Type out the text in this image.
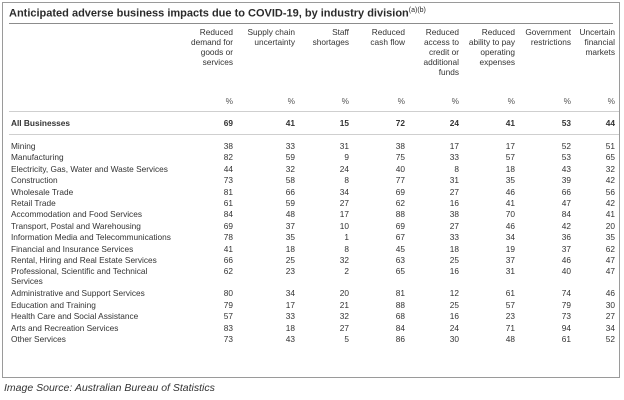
Anticipated adverse business impacts due to COVID-19, by industry division$^{(a)(b)}$
	Reduced demand for goods or services	Supply chain uncertainty	Staff shortages	Reduced cash flow	Reduced access to credit or additional funds	Reduced ability to pay operating expenses	Government restrictions	Uncertain financial markets
	%	%	%	%	%	%	%	%
All Businesses	69	41	15	72	24	41	53	44

Mining	38	33	31	38	17	17	52	51
Manufacturing	82	59	9	75	33	57	53	65
Electricity, Gas, Water and Waste Services	44	32	24	40	8	18	43	32
Construction	73	58	8	77	31	35	39	42
Wholesale Trade	81	66	34	69	27	46	66	56
Retail Trade	61	59	27	62	16	41	47	42
Accommodation and Food Services	84	48	17	88	38	70	84	41
Transport, Postal and Warehousing	69	37	10	69	27	46	42	20
Information Media and Telecommunications	78	35	1	67	33	34	36	35
Financial and Insurance Services	41	18	8	45	18	19	37	62
Rental, Hiring and Real Estate Services	66	25	32	63	25	37	46	47
Professional, Scientific and Technical Services	62	23	2	65	16	31	40	47
Administrative and Support Services	80	34	20	81	12	61	74	46
Education and Training	79	17	21	88	25	57	79	30
Health Care and Social Assistance	57	33	32	68	16	23	73	27
Arts and Recreation Services	83	18	27	84	24	71	94	34
Other Services	73	43	5	86	30	48	61	52
Image Source: Australian Bureau of Statistics
